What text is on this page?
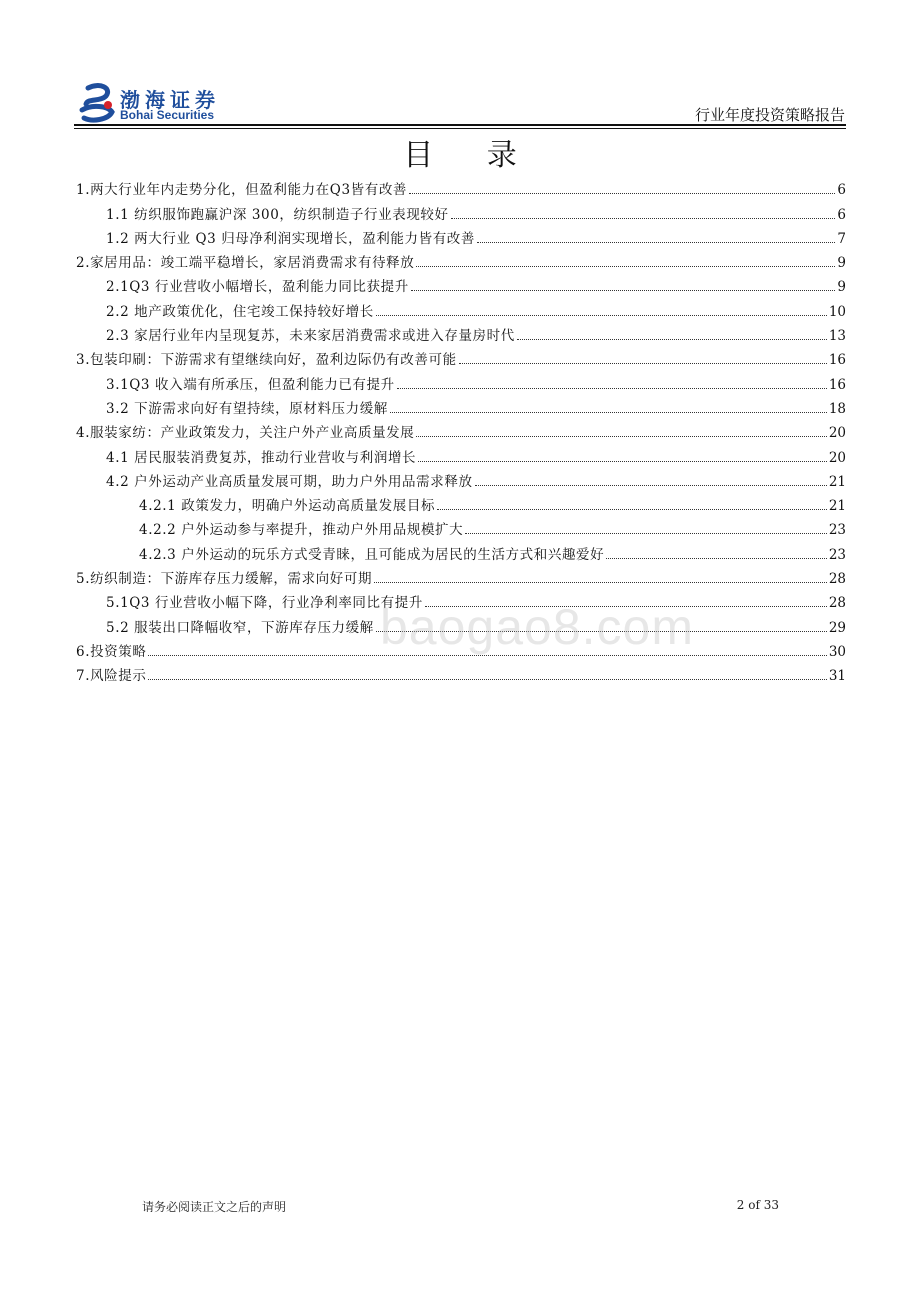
渤海证券
Bohai Securities	行业年度投资策略报告
目 录
1.两大行业年内走势分化，但盈利能力在Q3皆有改善	6
1.1 纺织服饰跑赢沪深 300，纺织制造子行业表现较好	6
1.2 两大行业 Q3 归母净利润实现增长，盈利能力皆有改善	7
2.家居用品：竣工端平稳增长，家居消费需求有待释放	9
2.1Q3 行业营收小幅增长，盈利能力同比获提升	9
2.2 地产政策优化，住宅竣工保持较好增长	10
2.3 家居行业年内呈现复苏，未来家居消费需求或进入存量房时代	13
3.包装印刷：下游需求有望继续向好，盈利边际仍有改善可能	16
3.1Q3 收入端有所承压，但盈利能力已有提升	16
3.2 下游需求向好有望持续，原材料压力缓解	18
4.服装家纺：产业政策发力，关注户外产业高质量发展	20
4.1 居民服装消费复苏，推动行业营收与利润增长	20
4.2 户外运动产业高质量发展可期，助力户外用品需求释放	21
4.2.1 政策发力，明确户外运动高质量发展目标	21
4.2.2 户外运动参与率提升，推动户外用品规模扩大	23
4.2.3 户外运动的玩乐方式受青睐，且可能成为居民的生活方式和兴趣爱好	23
5.纺织制造：下游库存压力缓解，需求向好可期	28
5.1Q3 行业营收小幅下降，行业净利率同比有提升	28
5.2 服装出口降幅收窄，下游库存压力缓解	29
6.投资策略	30
7.风险提示	31
baogao8.com
请务必阅读正文之后的声明	2 of 33
